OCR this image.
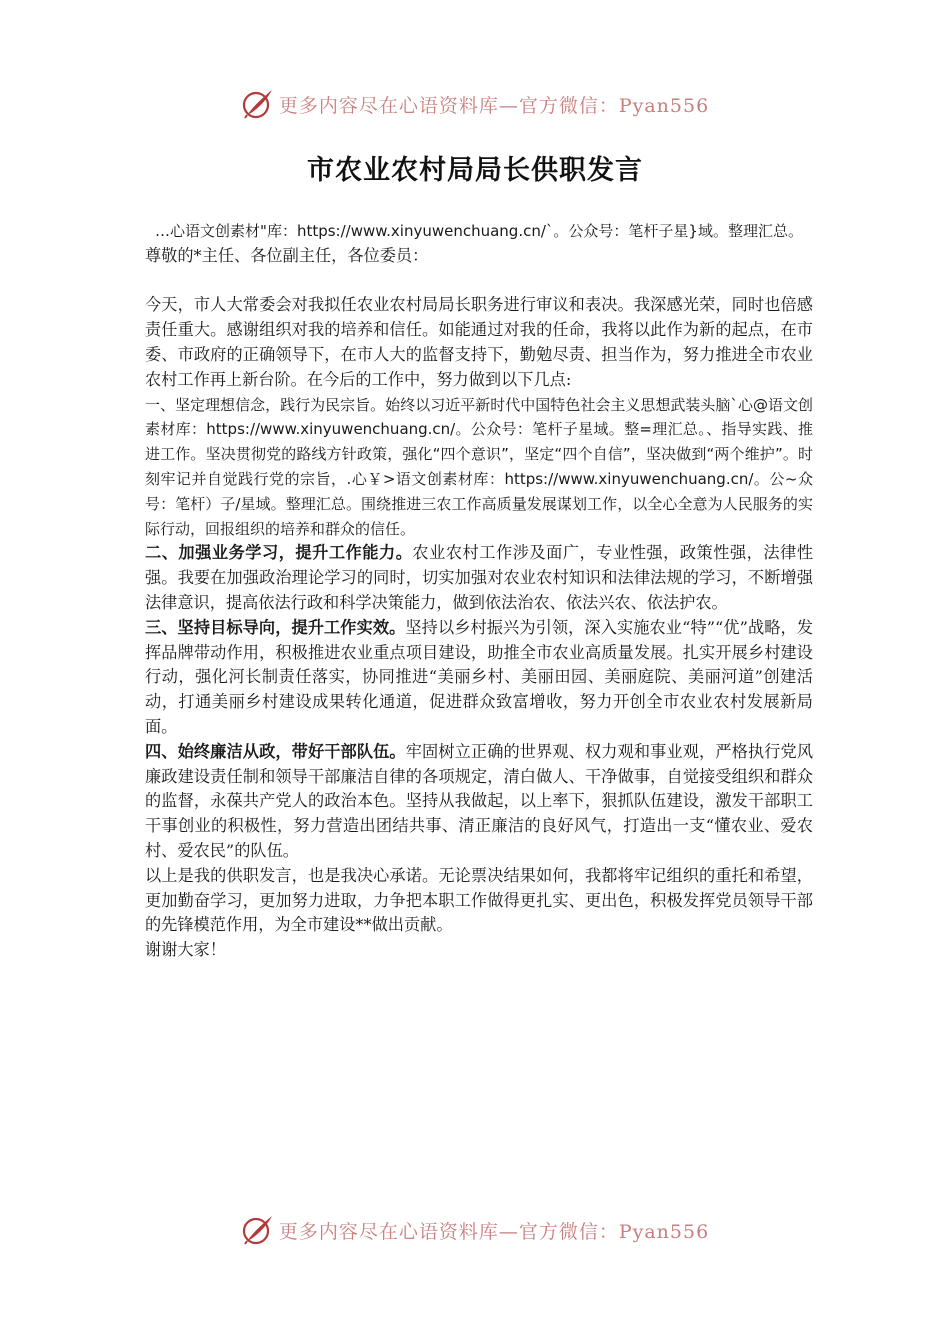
更多内容尽在心语资料库—官方微信：Pyan556
市农业农村局局长供职发言

…心语文创素材"库：https://www.xinyuwenchuang.cn/`。公众号：笔杆子星}域。整理汇总。

尊敬的*主任、各位副主任，各位委员：

今天，市人大常委会对我拟任农业农村局局长职务进行审议和表决。我深感光荣，同时也倍感责任重大。感谢组织对我的培养和信任。如能通过对我的任命，我将以此作为新的起点，在市委、市政府的正确领导下，在市人大的监督支持下，勤勉尽责、担当作为，努力推进全市农业农村工作再上新台阶。在今后的工作中，努力做到以下几点:

一、坚定理想信念，践行为民宗旨。始终以习近平新时代中国特色社会主义思想武装头脑`心@语文创素材库：https://www.xinyuwenchuang.cn/。公众号：笔杆子星域。整=理汇总。、指导实践、推进工作。坚决贯彻党的路线方针政策，强化“四个意识”，坚定“四个自信”，坚决做到“两个维护”。时刻牢记并自觉践行党的宗旨，.心￥>语文创素材库：https://www.xinyuwenchuang.cn/。公~众号：笔杆）子/星域。整理汇总。围绕推进三农工作高质量发展谋划工作，以全心全意为人民服务的实际行动，回报组织的培养和群众的信任。

二、加强业务学习，提升工作能力。农业农村工作涉及面广，专业性强，政策性强，法律性强。我要在加强政治理论学习的同时，切实加强对农业农村知识和法律法规的学习，不断增强法律意识，提高依法行政和科学决策能力，做到依法治农、依法兴农、依法护农。

三、坚持目标导向，提升工作实效。坚持以乡村振兴为引领，深入实施农业“特”“优”战略，发挥品牌带动作用，积极推进农业重点项目建设，助推全市农业高质量发展。扎实开展乡村建设行动，强化河长制责任落实，协同推进“美丽乡村、美丽田园、美丽庭院、美丽河道”创建活动，打通美丽乡村建设成果转化通道，促进群众致富增收，努力开创全市农业农村发展新局面。

四、始终廉洁从政，带好干部队伍。牢固树立正确的世界观、权力观和事业观，严格执行党风廉政建设责任制和领导干部廉洁自律的各项规定，清白做人、干净做事，自觉接受组织和群众的监督，永葆共产党人的政治本色。坚持从我做起，以上率下，狠抓队伍建设，激发干部职工干事创业的积极性，努力营造出团结共事、清正廉洁的良好风气，打造出一支“懂农业、爱农村、爱农民”的队伍。

以上是我的供职发言，也是我决心承诺。无论票决结果如何，我都将牢记组织的重托和希望，更加勤奋学习，更加努力进取，力争把本职工作做得更扎实、更出色，积极发挥党员领导干部的先锋模范作用，为全市建设**做出贡献。

谢谢大家！

更多内容尽在心语资料库—官方微信：Pyan556
